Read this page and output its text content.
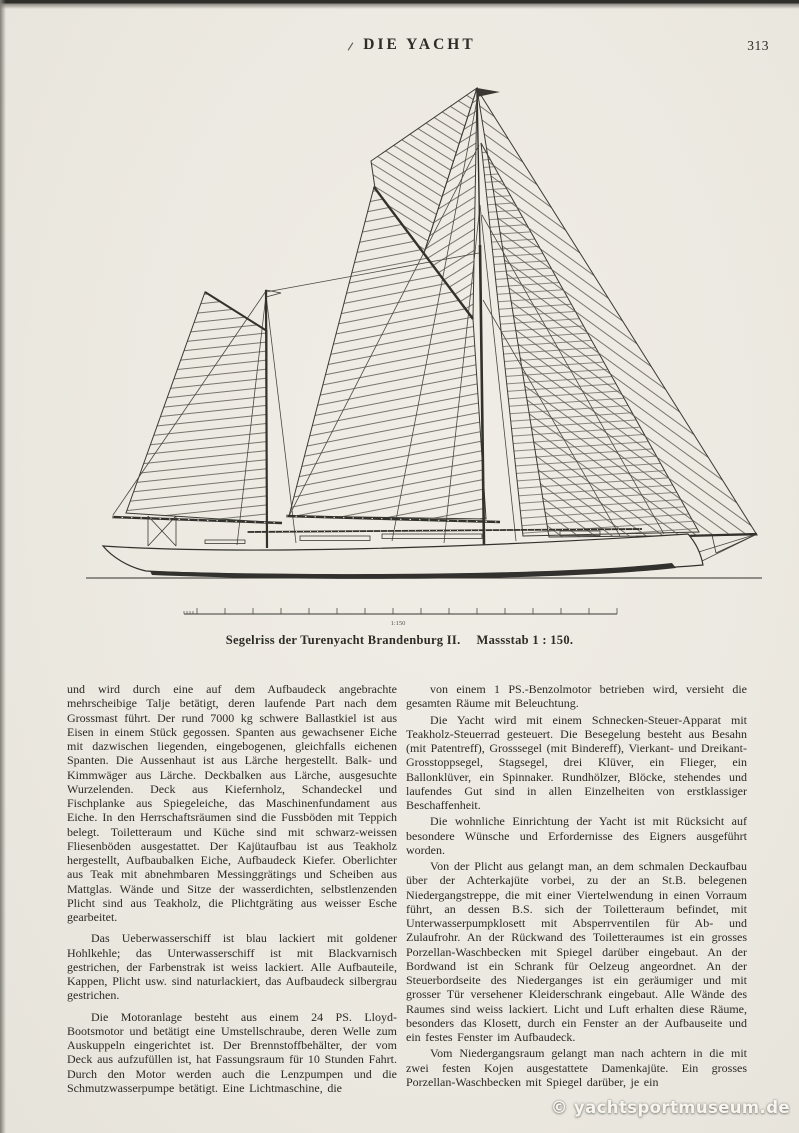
DIE YACHT	313
1:150
Segelriss der Turenyacht Brandenburg II. Massstab 1 : 150.

und wird durch eine auf dem Aufbaudeck angebrachte mehrscheibige Talje betätigt, deren laufende Part nach dem Grossmast führt. Der rund 7000 kg schwere Ballastkiel ist aus Eisen in einem Stück gegossen. Spanten aus gewachsener Eiche mit dazwischen liegenden, eingebogenen, gleichfalls eichenen Spanten. Die Aussenhaut ist aus Lärche hergestellt. Balk- und Kimmwäger aus Lärche. Deckbalken aus Lärche, ausgesuchte Wurzelenden. Deck aus Kiefernholz, Schandeckel und Fischplanke aus Spiegeleiche, das Maschinenfundament aus Eiche. In den Herrschaftsräumen sind die Fussböden mit Teppich belegt. Toiletteraum und Küche sind mit schwarz-weissen Fliesenböden ausgestattet. Der Kajütaufbau ist aus Teakholz hergestellt, Aufbaubalken Eiche, Aufbaudeck Kiefer. Oberlichter aus Teak mit abnehmbaren Messinggrätings und Scheiben aus Mattglas. Wände und Sitze der wasserdichten, selbstlenzenden Plicht sind aus Teakholz, die Plichtgräting aus weisser Esche gearbeitet.

Das Ueberwasserschiff ist blau lackiert mit goldener Hohlkehle; das Unterwasserschiff ist mit Blackvarnisch gestrichen, der Farbenstrak ist weiss lackiert. Alle Aufbauteile, Kappen, Plicht usw. sind naturlackiert, das Aufbaudeck silbergrau gestrichen.

Die Motoranlage besteht aus einem 24 PS. Lloyd-Bootsmotor und betätigt eine Umstellschraube, deren Welle zum Auskuppeln eingerichtet ist. Der Brennstoffbehälter, der vom Deck aus aufzufüllen ist, hat Fassungsraum für 10 Stunden Fahrt. Durch den Motor werden auch die Lenzpumpen und die Schmutzwasserpumpe betätigt. Eine Lichtmaschine, die

von einem 1 PS.-Benzolmotor betrieben wird, versieht die gesamten Räume mit Beleuchtung.

Die Yacht wird mit einem Schnecken-Steuer-Apparat mit Teakholz-Steuerrad gesteuert. Die Besegelung besteht aus Besahn (mit Patentreff), Grosssegel (mit Bindereff), Vierkant- und Dreikant-Grosstoppsegel, Stagsegel, drei Klüver, ein Flieger, ein Ballonklüver, ein Spinnaker. Rundhölzer, Blöcke, stehendes und laufendes Gut sind in allen Einzelheiten von erstklassiger Beschaffenheit.

Die wohnliche Einrichtung der Yacht ist mit Rücksicht auf besondere Wünsche und Erfordernisse des Eigners ausgeführt worden.

Von der Plicht aus gelangt man, an dem schmalen Deckaufbau über der Achterkajüte vorbei, zu der an St.B. belegenen Niedergangstreppe, die mit einer Viertelwendung in einen Vorraum führt, an dessen B.S. sich der Toiletteraum befindet, mit Unterwasserpumpklosett mit Absperrventilen für Ab- und Zulaufrohr. An der Rückwand des Toiletteraumes ist ein grosses Porzellan-Waschbecken mit Spiegel darüber eingebaut. An der Bordwand ist ein Schrank für Oelzeug angeordnet. An der Steuerbordseite des Niederganges ist ein geräumiger und mit grosser Tür versehener Kleiderschrank eingebaut. Alle Wände des Raumes sind weiss lackiert. Licht und Luft erhalten diese Räume, besonders das Klosett, durch ein Fenster an der Aufbauseite und ein festes Fenster im Aufbaudeck.

Vom Niedergangsraum gelangt man nach achtern in die mit zwei festen Kojen ausgestattete Damenkajüte. Ein grosses Porzellan-Waschbecken mit Spiegel darüber, je ein

© yachtsportmuseum.de
